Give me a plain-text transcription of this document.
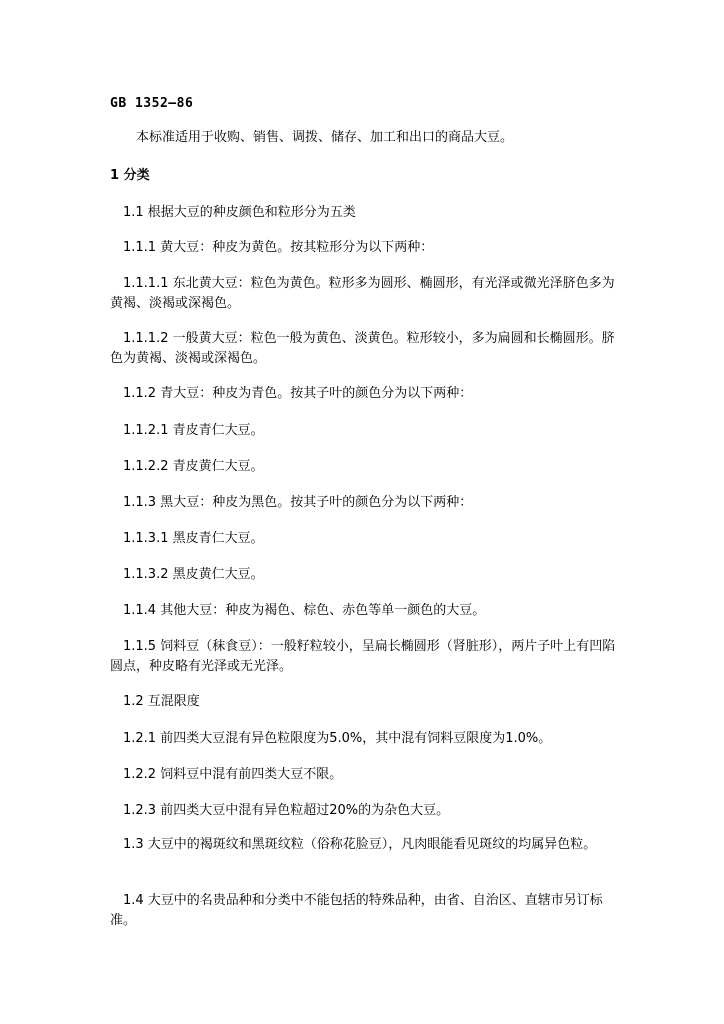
GB 1352—86

本标准适用于收购、销售、调拨、储存、加工和出口的商品大豆。

1 分类

1.1 根据大豆的种皮颜色和粒形分为五类

1.1.1 黄大豆：种皮为黄色。按其粒形分为以下两种：

1.1.1.1 东北黄大豆：粒色为黄色。粒形多为圆形、椭圆形，有光泽或微光泽脐色多为黄褐、淡褐或深褐色。

1.1.1.2 一般黄大豆：粒色一般为黄色、淡黄色。粒形较小，多为扁圆和长椭圆形。脐色为黄褐、淡褐或深褐色。

1.1.2 青大豆：种皮为青色。按其子叶的颜色分为以下两种：

1.1.2.1 青皮青仁大豆。

1.1.2.2 青皮黄仁大豆。

1.1.3 黑大豆：种皮为黑色。按其子叶的颜色分为以下两种：

1.1.3.1 黑皮青仁大豆。

1.1.3.2 黑皮黄仁大豆。

1.1.4 其他大豆：种皮为褐色、棕色、赤色等单一颜色的大豆。

1.1.5 饲料豆（秣食豆）：一般籽粒较小，呈扁长椭圆形（肾脏形），两片子叶上有凹陷圆点，种皮略有光泽或无光泽。

1.2 互混限度

1.2.1 前四类大豆混有异色粒限度为5.0%，其中混有饲料豆限度为1.0%。

1.2.2 饲料豆中混有前四类大豆不限。

1.2.3 前四类大豆中混有异色粒超过20%的为杂色大豆。

1.3 大豆中的褐斑纹和黑斑纹粒（俗称花脸豆），凡肉眼能看见斑纹的均属异色粒。

1.4 大豆中的名贵品种和分类中不能包括的特殊品种，由省、自治区、直辖市另订标准。
